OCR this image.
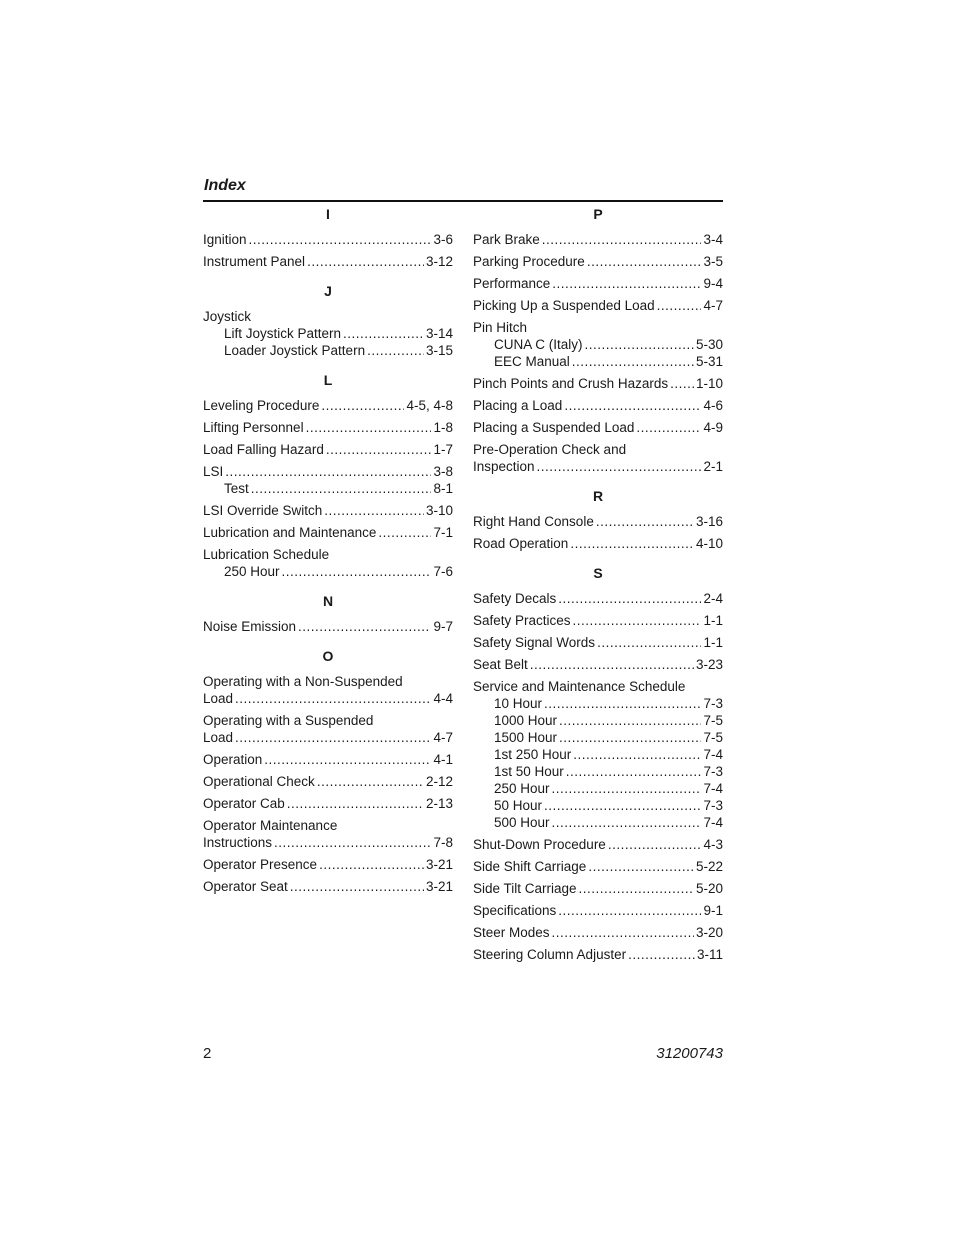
Index
I
Ignition .....	3-6
Instrument Panel .....	3-12
J
Joystick
Lift Joystick Pattern .....	3-14
Loader Joystick Pattern .....	3-15
L
Leveling Procedure .....	4-5, 4-8
Lifting Personnel .....	1-8
Load Falling Hazard .....	1-7
LSI .....	3-8
Test .....	8-1
LSI Override Switch .....	3-10
Lubrication and Maintenance .....	7-1
Lubrication Schedule
250 Hour .....	7-6
N
Noise Emission .....	9-7
O
Operating with a Non-Suspended
Load .....	4-4
Operating with a Suspended
Load .....	4-7
Operation .....	4-1
Operational Check .....	2-12
Operator Cab .....	2-13
Operator Maintenance
Instructions .....	7-8
Operator Presence .....	3-21
Operator Seat .....	3-21
P
Park Brake .....	3-4
Parking Procedure .....	3-5
Performance .....	9-4
Picking Up a Suspended Load .....	4-7
Pin Hitch
CUNA C (Italy) .....	5-30
EEC Manual .....	5-31
Pinch Points and Crush Hazards ..... 1-10
Placing a Load .....	4-6
Placing a Suspended Load .....	4-9
Pre-Operation Check and
Inspection .....	2-1
R
Right Hand Console .....	3-16
Road Operation .....	4-10
S
Safety Decals .....	2-4
Safety Practices .....	1-1
Safety Signal Words .....	1-1
Seat Belt .....	3-23
Service and Maintenance Schedule
10 Hour .....	7-3
1000 Hour .....	7-5
1500 Hour .....	7-5
1st 250 Hour .....	7-4
1st 50 Hour .....	7-3
250 Hour .....	7-4
50 Hour .....	7-3
500 Hour .....	7-4
Shut-Down Procedure .....	4-3
Side Shift Carriage .....	5-22
Side Tilt Carriage .....	5-20
Specifications .....	9-1
Steer Modes .....	3-20
Steering Column Adjuster .....	3-11
2	31200743
